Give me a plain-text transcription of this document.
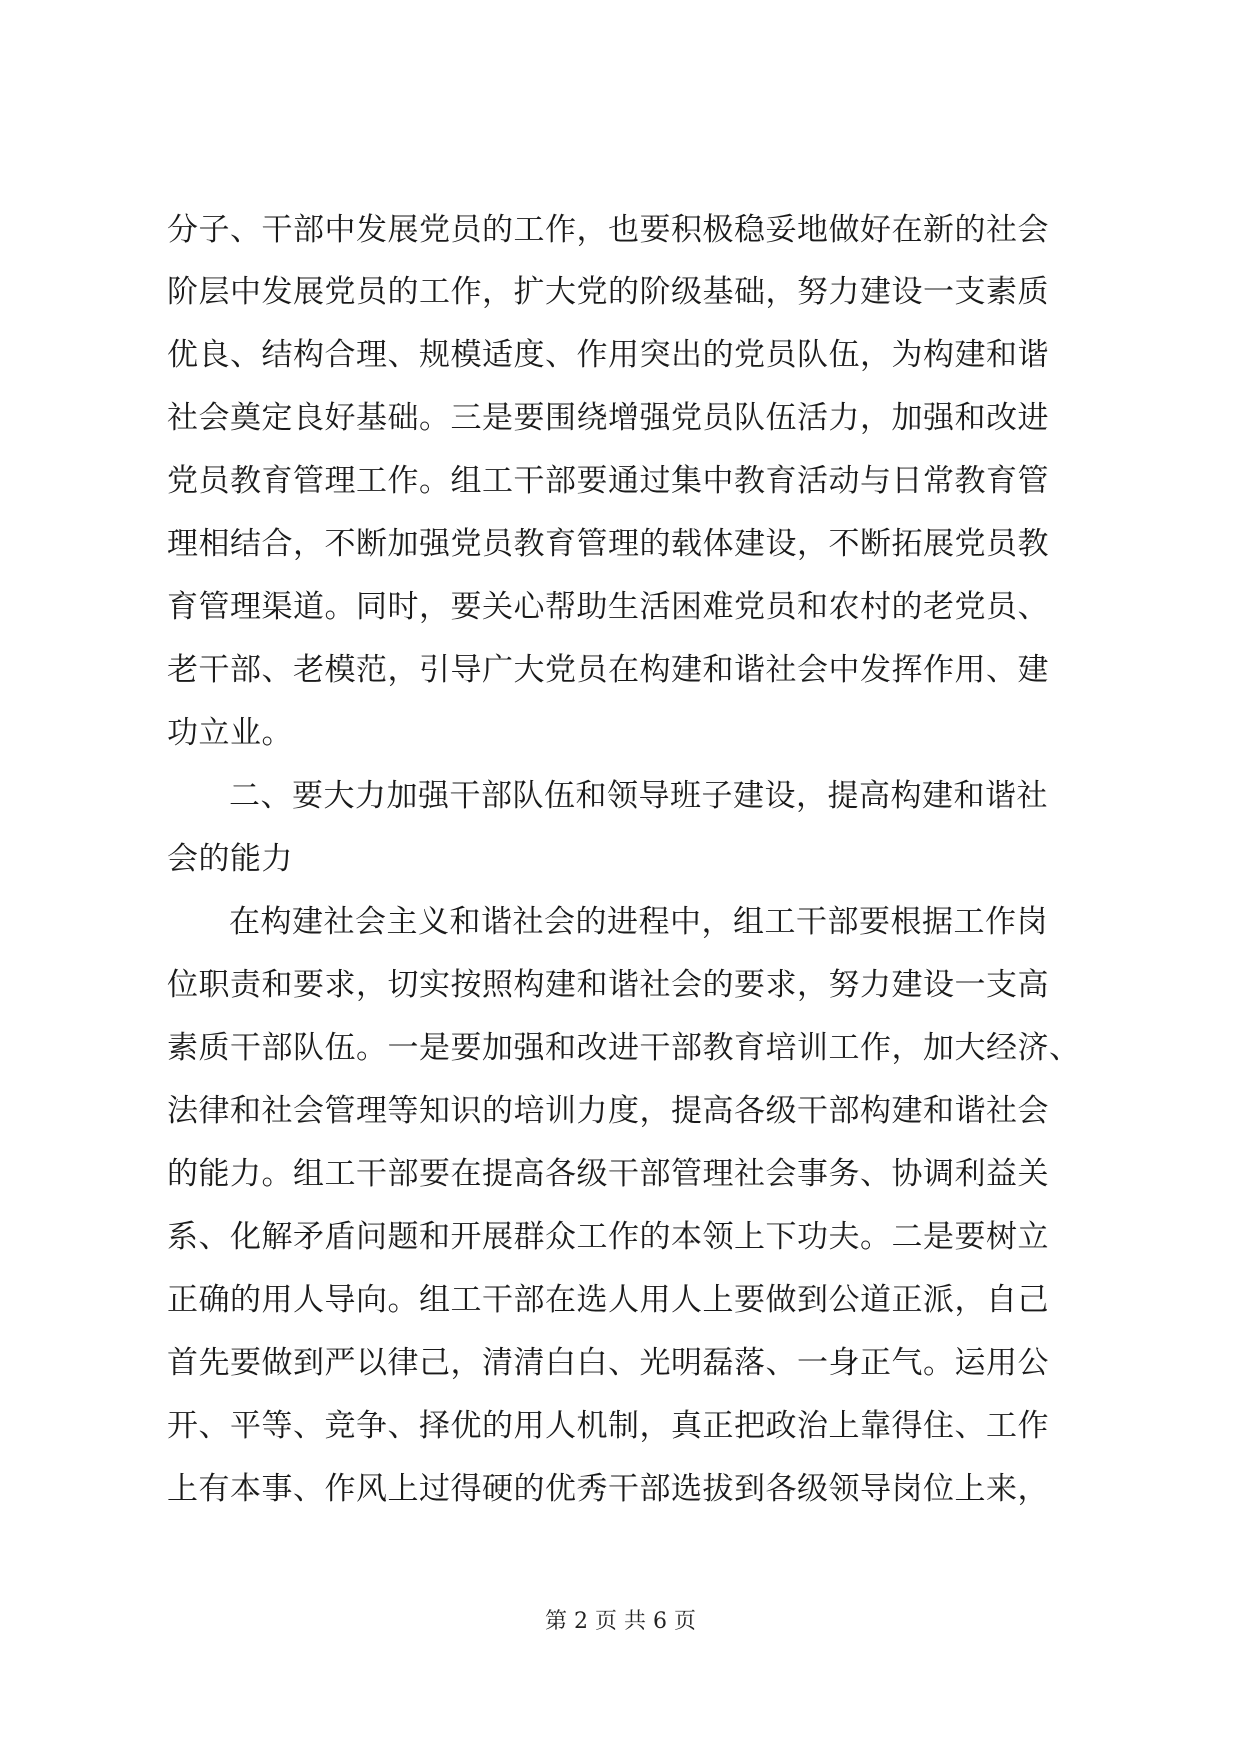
分子、干部中发展党员的工作，也要积极稳妥地做好在新的社会
阶层中发展党员的工作，扩大党的阶级基础，努力建设一支素质
优良、结构合理、规模适度、作用突出的党员队伍，为构建和谐
社会奠定良好基础。三是要围绕增强党员队伍活力，加强和改进
党员教育管理工作。组工干部要通过集中教育活动与日常教育管
理相结合，不断加强党员教育管理的载体建设，不断拓展党员教
育管理渠道。同时，要关心帮助生活困难党员和农村的老党员、
老干部、老模范，引导广大党员在构建和谐社会中发挥作用、建
功立业。
二、要大力加强干部队伍和领导班子建设，提高构建和谐社
会的能力
在构建社会主义和谐社会的进程中，组工干部要根据工作岗
位职责和要求，切实按照构建和谐社会的要求，努力建设一支高
素质干部队伍。一是要加强和改进干部教育培训工作，加大经济、
法律和社会管理等知识的培训力度，提高各级干部构建和谐社会
的能力。组工干部要在提高各级干部管理社会事务、协调利益关
系、化解矛盾问题和开展群众工作的本领上下功夫。二是要树立
正确的用人导向。组工干部在选人用人上要做到公道正派，自己
首先要做到严以律己，清清白白、光明磊落、一身正气。运用公
开、平等、竞争、择优的用人机制，真正把政治上靠得住、工作
上有本事、作风上过得硬的优秀干部选拔到各级领导岗位上来，
第 2 页 共 6 页
